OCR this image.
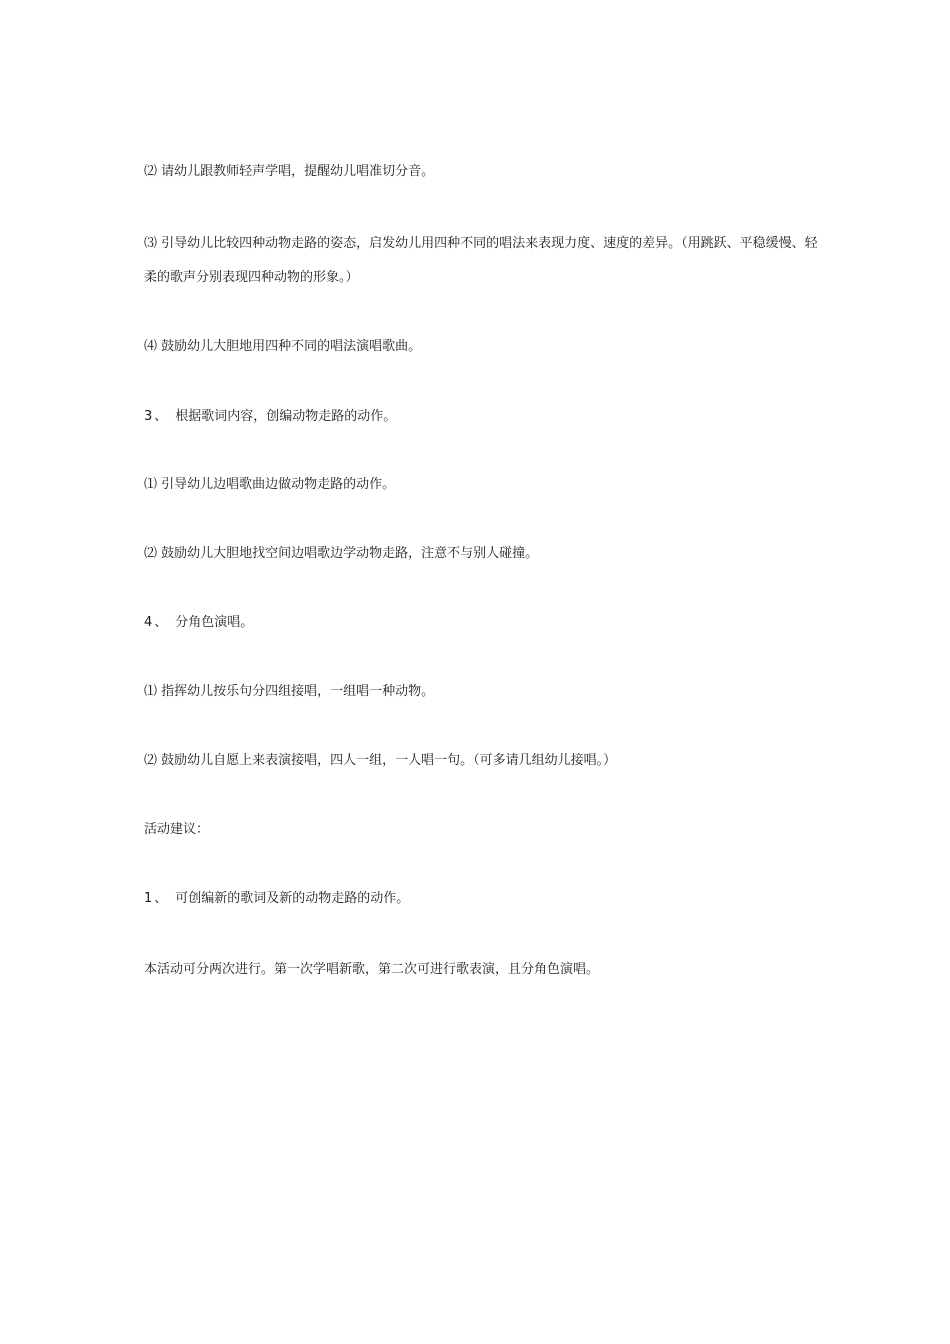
⑵ 请幼儿跟教师轻声学唱，提醒幼儿唱准切分音。

⑶ 引导幼儿比较四种动物走路的姿态，启发幼儿用四种不同的唱法来表现力度、速度的差异。（用跳跃、平稳缓慢、轻柔的歌声分别表现四种动物的形象。）

⑷ 鼓励幼儿大胆地用四种不同的唱法演唱歌曲。

3 、 根据歌词内容，创编动物走路的动作。

⑴ 引导幼儿边唱歌曲边做动物走路的动作。

⑵ 鼓励幼儿大胆地找空间边唱歌边学动物走路，注意不与别人碰撞。

4 、 分角色演唱。

⑴ 指挥幼儿按乐句分四组接唱，一组唱一种动物。

⑵ 鼓励幼儿自愿上来表演接唱，四人一组，一人唱一句。（可多请几组幼儿接唱。）

活动建议：

1 、 可创编新的歌词及新的动物走路的动作。

本活动可分两次进行。第一次学唱新歌，第二次可进行歌表演，且分角色演唱。
